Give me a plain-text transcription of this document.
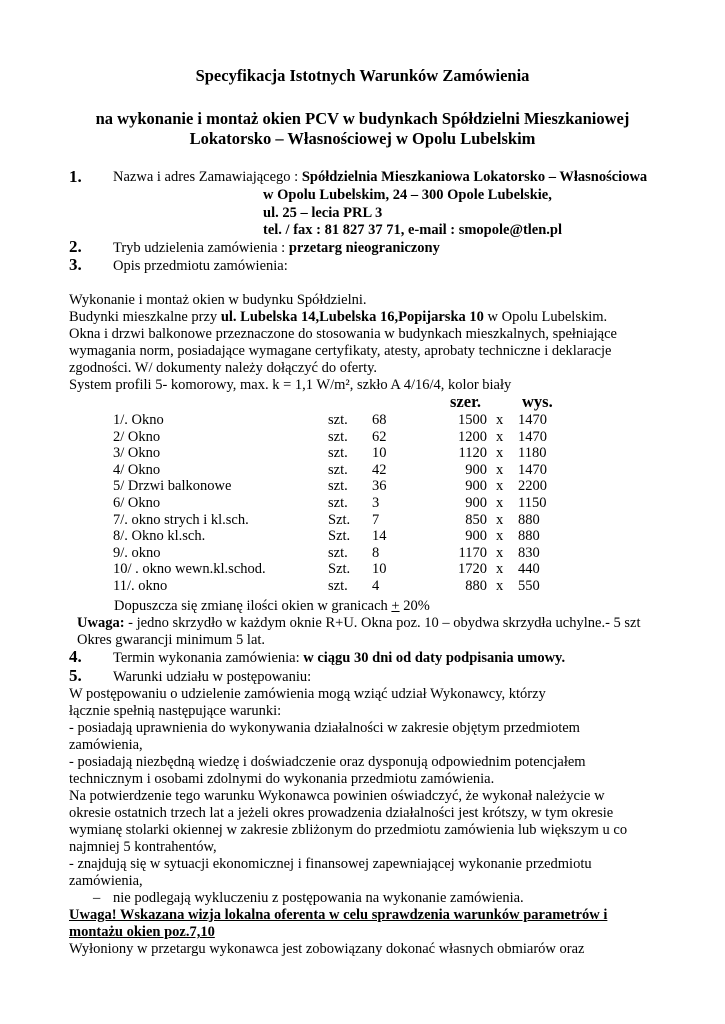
Specyfikacja Istotnych Warunków Zamówienia
na wykonanie i montaż okien PCV w budynkach Spółdzielni Mieszkaniowej
Lokatorsko – Własnościowej w Opolu Lubelskim
1. Nazwa i adres Zamawiającego : Spółdzielnia Mieszkaniowa Lokatorsko – Własnościowa
w Opolu Lubelskim, 24 – 300 Opole Lubelskie,
ul. 25 – lecia PRL 3
tel. / fax : 81 827 37 71, e-mail : smopole@tlen.pl
2. Tryb udzielenia zamówienia : przetarg nieograniczony
3. Opis przedmiotu zamówienia:
Wykonanie i montaż okien w budynku Spółdzielni.
Budynki mieszkalne przy ul. Lubelska 14,Lubelska 16,Popijarska 10 w Opolu Lubelskim.
Okna i drzwi balkonowe przeznaczone do stosowania w budynkach mieszkalnych, spełniające
wymagania norm, posiadające wymagane certyfikaty, atesty, aprobaty techniczne i deklaracje
zgodności. W/ dokumenty należy dołączyć do oferty.
System profili 5- komorowy, max. k = 1,1 W/m², szkło A 4/16/4, kolor biały
szer. wys.
1/. Okno	szt. 68	1500 x 1470
2/ Okno	szt. 62	1200 x 1470
3/ Okno	szt. 10	1120 x 1180
4/ Okno	szt. 42	900 x 1470
5/ Drzwi balkonowe	szt. 36	900 x 2200
6/ Okno	szt. 3	900 x 1150
7/. okno strych i kl.sch.	Szt. 7	850 x 880
8/. Okno kl.sch.	Szt. 14	900 x 880
9/. okno	szt. 8	1170 x 830
10/ . okno wewn.kl.schod.	Szt. 10	1720 x 440
11/. okno	szt. 4	880 x 550
Dopuszcza się zmianę ilości okien w granicach + 20%
Uwaga: - jedno skrzydło w każdym oknie R+U. Okna poz. 10 – obydwa skrzydła uchylne.- 5 szt
Okres gwarancji minimum 5 lat.
4. Termin wykonania zamówienia: w ciągu 30 dni od daty podpisania umowy.
5. Warunki udziału w postępowaniu:
W postępowaniu o udzielenie zamówienia mogą wziąć udział Wykonawcy, którzy
łącznie spełnią następujące warunki:
- posiadają uprawnienia do wykonywania działalności w zakresie objętym przedmiotem
zamówienia,
- posiadają niezbędną wiedzę i doświadczenie oraz dysponują odpowiednim potencjałem
technicznym i osobami zdolnymi do wykonania przedmiotu zamówienia.
Na potwierdzenie tego warunku Wykonawca powinien oświadczyć, że wykonał należycie w
okresie ostatnich trzech lat a jeżeli okres prowadzenia działalności jest krótszy, w tym okresie
wymianę stolarki okiennej w zakresie zbliżonym do przedmiotu zamówienia lub większym u co
najmniej 5 kontrahentów,
- znajdują się w sytuacji ekonomicznej i finansowej zapewniającej wykonanie przedmiotu
zamówienia,
– nie podlegają wykluczeniu z postępowania na wykonanie zamówienia.
Uwaga! Wskazana wizja lokalna oferenta w celu sprawdzenia warunków parametrów i
montażu okien poz.7,10
Wyłoniony w przetargu wykonawca jest zobowiązany dokonać własnych obmiarów oraz
